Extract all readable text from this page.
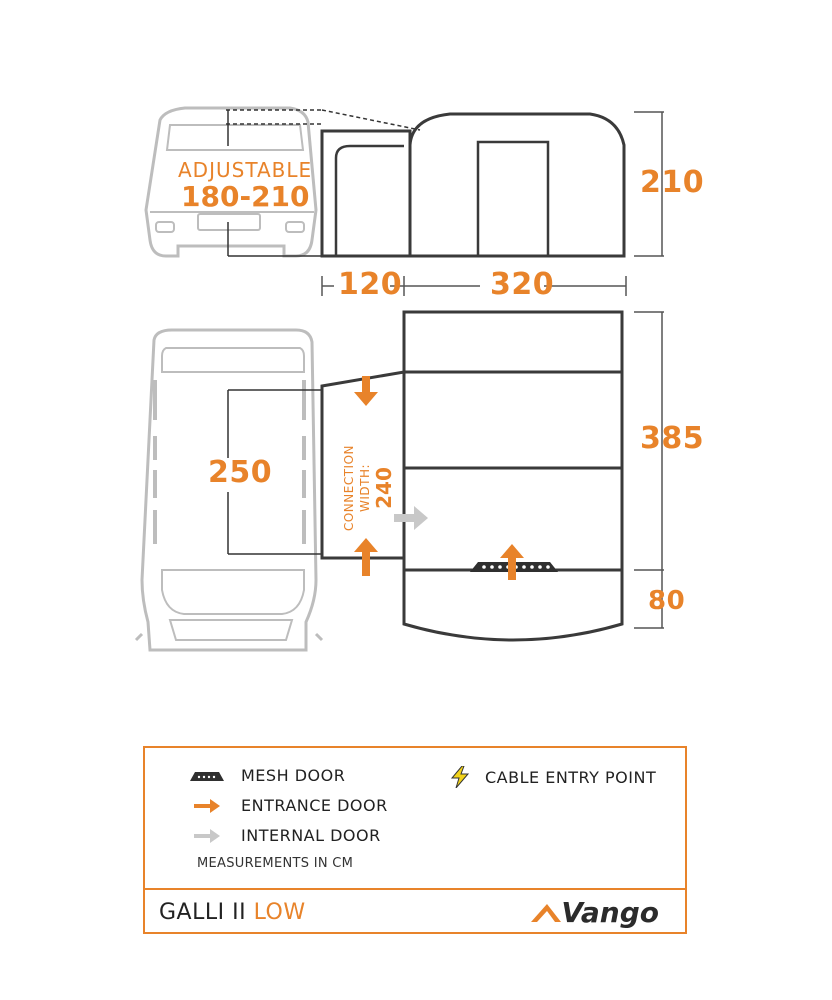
ADJUSTABLE
180-210	210
120	320
250
385
80
CONNECTION WIDTH: 240
MESH DOOR
ENTRANCE DOOR
INTERNAL DOOR
CABLE ENTRY POINT
MEASUREMENTS IN CM
GALLI II LOW	Vango
